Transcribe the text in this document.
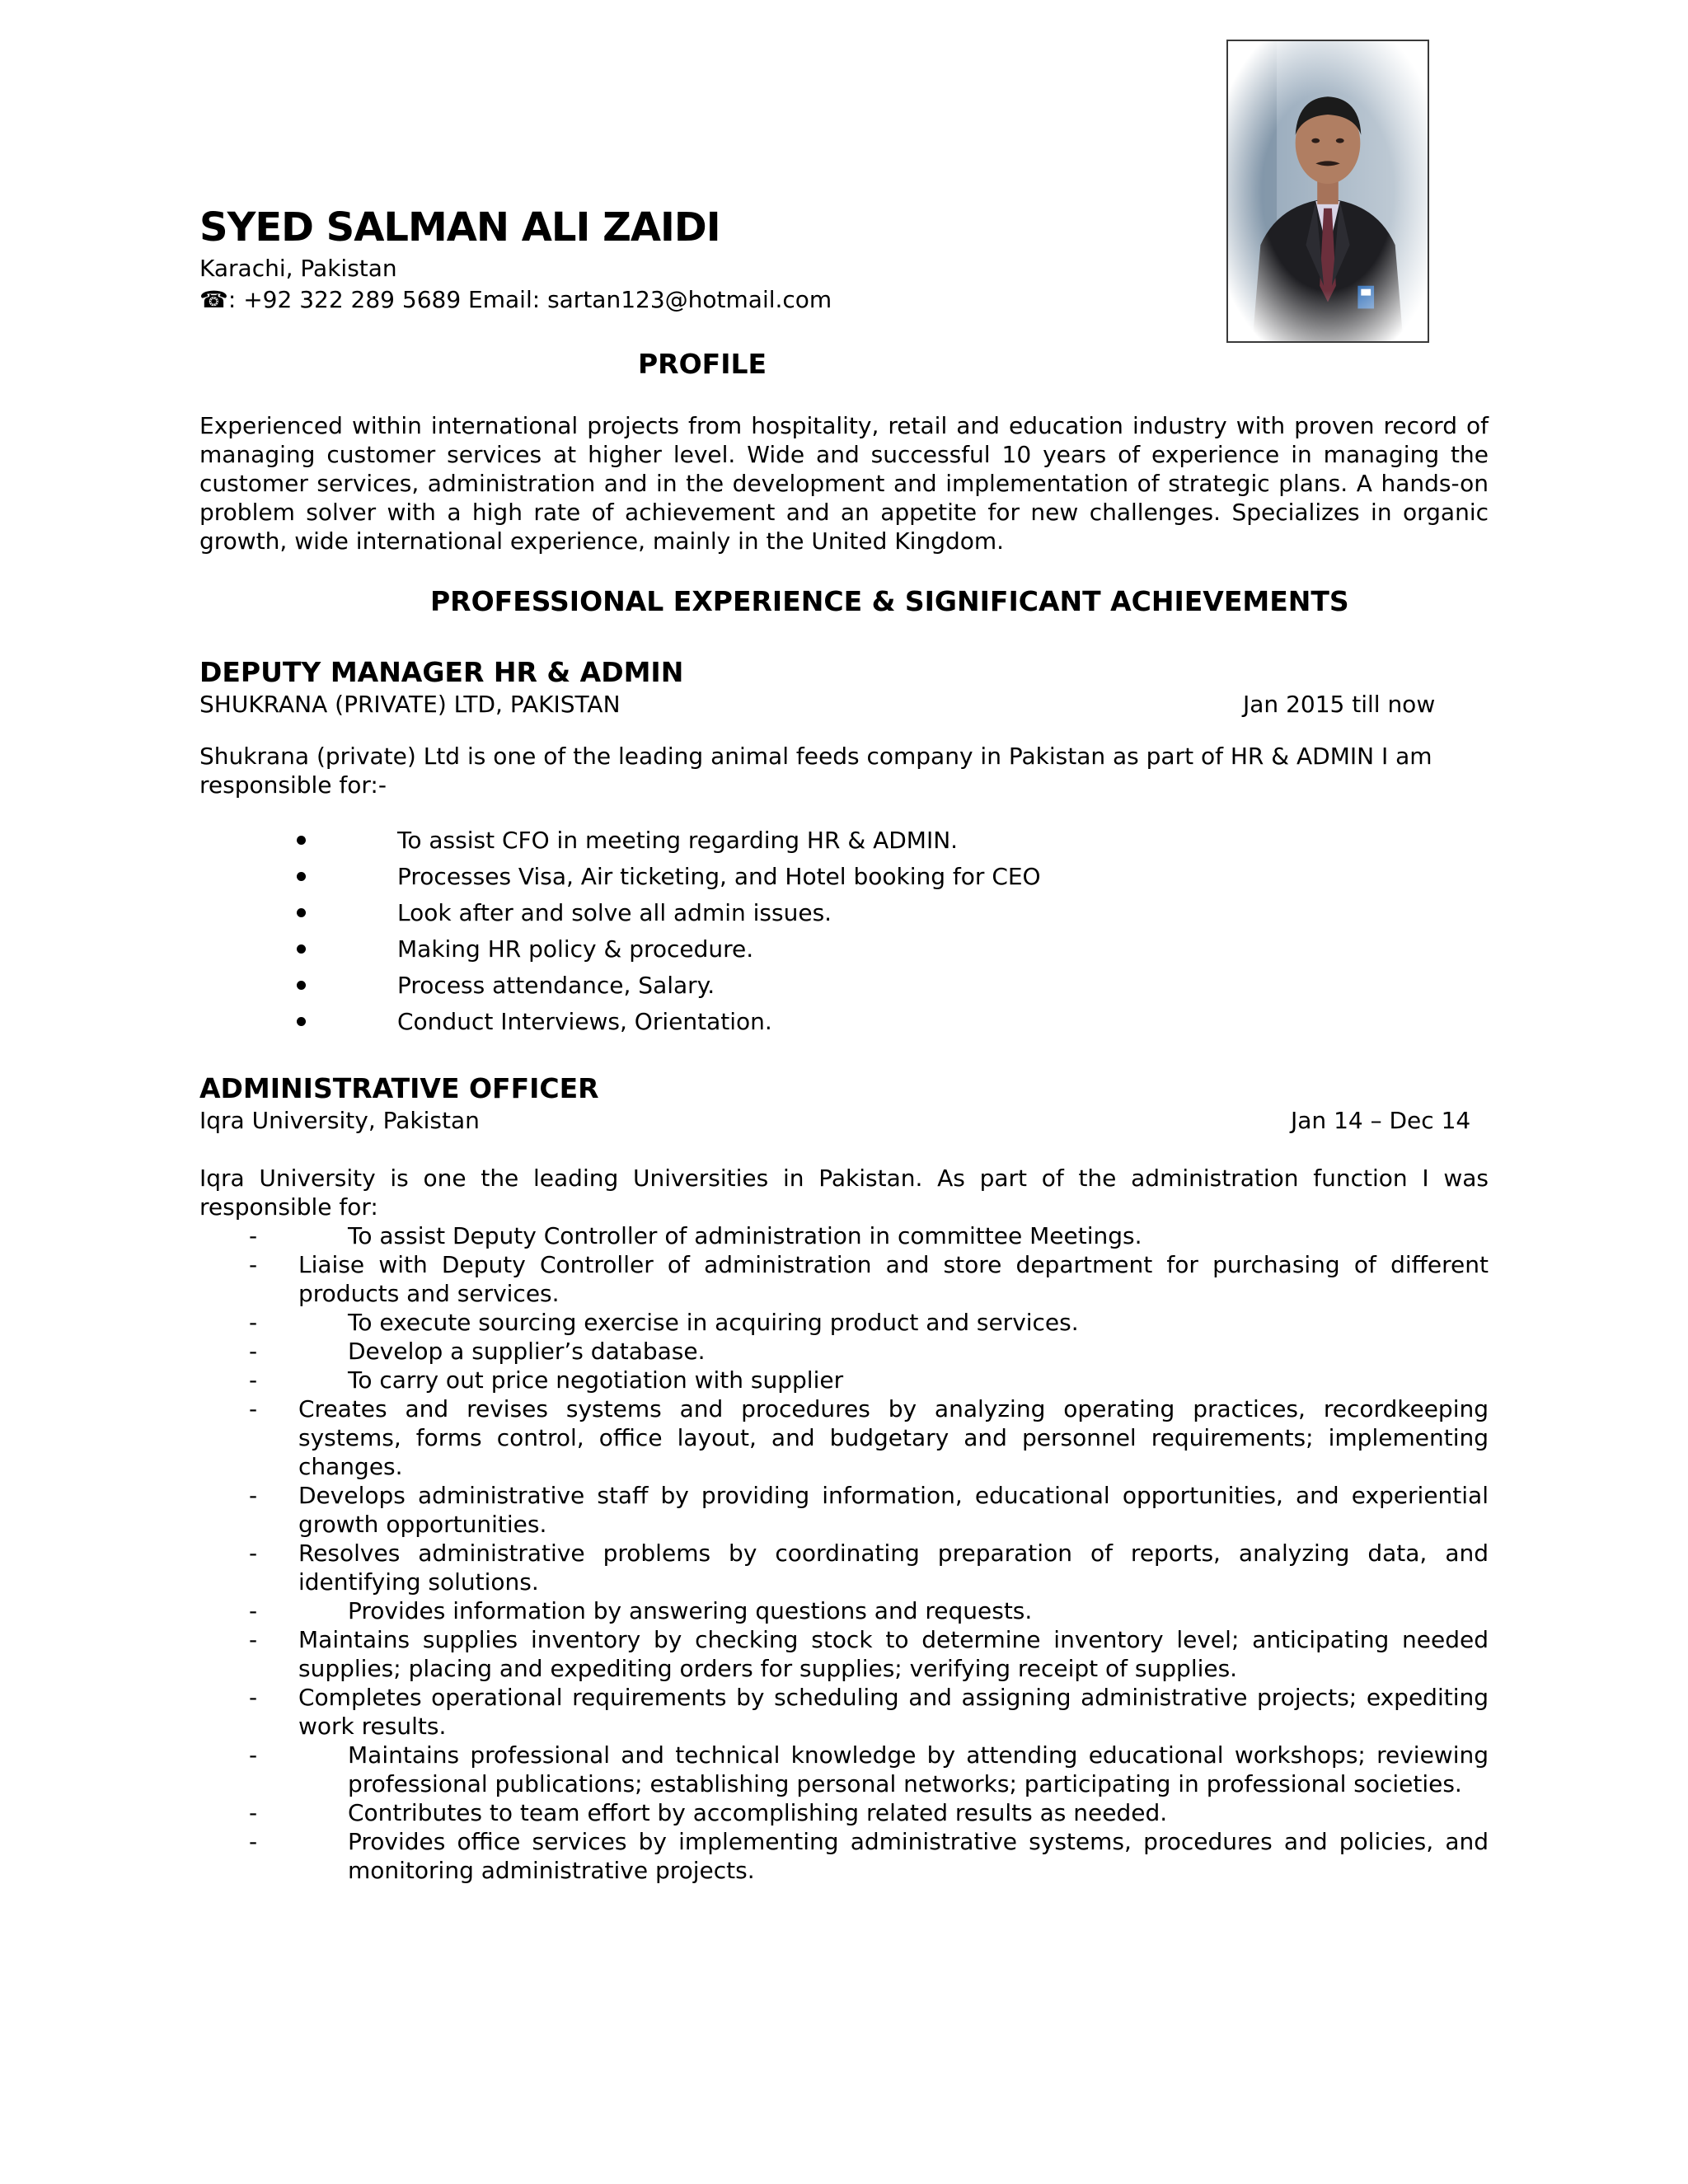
SYED SALMAN ALI ZAIDI
Karachi, Pakistan
☎: +92 322 289 5689 Email: sartan123@hotmail.com
PROFILE
Experienced within international projects from hospitality, retail and education industry with proven record of managing customer services at higher level. Wide and successful 10 years of experience in managing the customer services, administration and in the development and implementation of strategic plans. A hands-on problem solver with a high rate of achievement and an appetite for new challenges. Specializes in organic growth, wide international experience, mainly in the United Kingdom.
PROFESSIONAL EXPERIENCE & SIGNIFICANT ACHIEVEMENTS
DEPUTY MANAGER HR & ADMIN
SHUKRANA (PRIVATE) LTD, PAKISTAN	Jan 2015 till now
Shukrana (private) Ltd is one of the leading animal feeds company in Pakistan as part of HR & ADMIN I am responsible for:-
To assist CFO in meeting regarding HR & ADMIN.
Processes Visa, Air ticketing, and Hotel booking for CEO
Look after and solve all admin issues.
Making HR policy & procedure.
Process attendance, Salary.
Conduct Interviews, Orientation.
ADMINISTRATIVE OFFICER
Iqra University, Pakistan	Jan 14 – Dec 14
Iqra University is one the leading Universities in Pakistan. As part of the administration function I was responsible for:
-	To assist Deputy Controller of administration in committee Meetings.
- Liaise with Deputy Controller of administration and store department for purchasing of different products and services.
-	To execute sourcing exercise in acquiring product and services.
-	Develop a supplier’s database.
-	To carry out price negotiation with supplier
- Creates and revises systems and procedures by analyzing operating practices, recordkeeping systems, forms control, office layout, and budgetary and personnel requirements; implementing changes.
- Develops administrative staff by providing information, educational opportunities, and experiential growth opportunities.
- Resolves administrative problems by coordinating preparation of reports, analyzing data, and identifying solutions.
-	Provides information by answering questions and requests.
- Maintains supplies inventory by checking stock to determine inventory level; anticipating needed supplies; placing and expediting orders for supplies; verifying receipt of supplies.
- Completes operational requirements by scheduling and assigning administrative projects; expediting work results.
-	Maintains professional and technical knowledge by attending educational workshops; reviewing professional publications; establishing personal networks; participating in professional societies.
-	Contributes to team effort by accomplishing related results as needed.
-	Provides office services by implementing administrative systems, procedures and policies, and monitoring administrative projects.
